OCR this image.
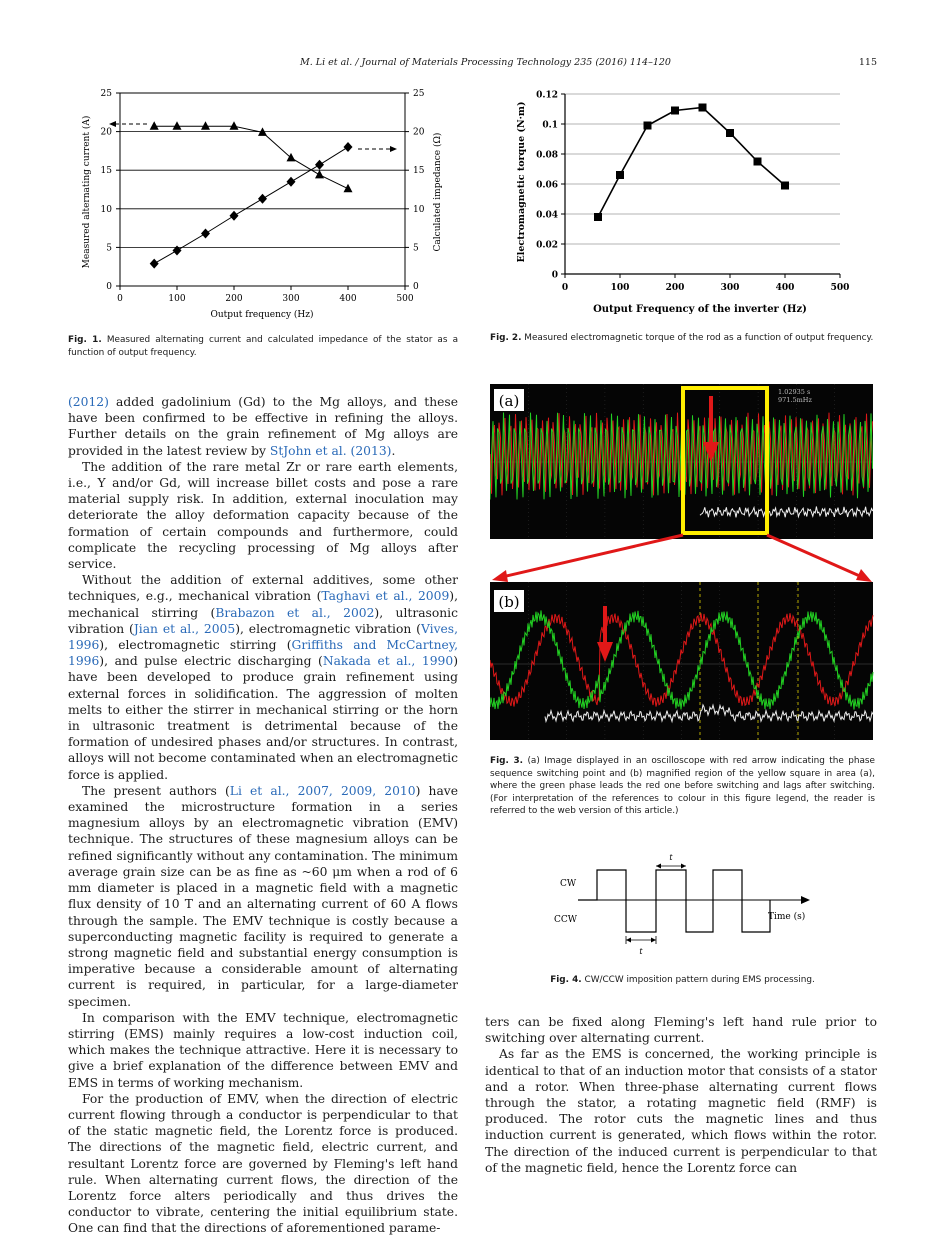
M. Li et al. / Journal of Materials Processing Technology 235 (2016) 114–120	115
0	0
5	5
10	10
15	15
20	20
25	25
0	100	200	300	400	500
Measured alternating current (A)	Calculated impedance (Ω)
Output frequency (Hz)
Fig. 1. Measured alternating current and calculated impedance of the stator as a function of output frequency.
0
0.02
0.04
0.06
0.08
0.1
0.12
0	100	200	300	400	500
Electromagnetic torque (N·m)
Output Frequency of the inverter (Hz)
Fig. 2. Measured electromagnetic torque of the rod as a function of output frequency.
(a)	1.02935 s
971.5mHz
(b)
Fig. 3. (a) Image displayed in an oscilloscope with red arrow indicating the phase sequence switching point and (b) magnified region of the yellow square in area (a), where the green phase leads the red one before switching and lags after switching. (For interpretation of the references to colour in this figure legend, the reader is referred to the web version of this article.)
CW
CCW	Time (s)
t
t
Fig. 4. CW/CCW imposition pattern during EMS processing.

(2012) added gadolinium (Gd) to the Mg alloys, and these have been confirmed to be effective in refining the alloys. Further details on the grain refinement of Mg alloys are provided in the latest review by StJohn et al. (2013).

The addition of the rare metal Zr or rare earth elements, i.e., Y and/or Gd, will increase billet costs and pose a rare material supply risk. In addition, external inoculation may deteriorate the alloy deformation capacity because of the formation of certain compounds and furthermore, could complicate the recycling processing of Mg alloys after service.

Without the addition of external additives, some other techniques, e.g., mechanical vibration (Taghavi et al., 2009), mechanical stirring (Brabazon et al., 2002), ultrasonic vibration (Jian et al., 2005), electromagnetic vibration (Vives, 1996), electromagnetic stirring (Griffiths and McCartney, 1996), and pulse electric discharging (Nakada et al., 1990) have been developed to produce grain refinement using external forces in solidification. The aggression of molten melts to either the stirrer in mechanical stirring or the horn in ultrasonic treatment is detrimental because of the formation of undesired phases and/or structures. In contrast, alloys will not become contaminated when an electromagnetic force is applied.

The present authors (Li et al., 2007, 2009, 2010) have examined the microstructure formation in a series magnesium alloys by an electromagnetic vibration (EMV) technique. The structures of these magnesium alloys can be refined significantly without any contamination. The minimum average grain size can be as fine as ~60 μm when a rod of 6 mm diameter is placed in a magnetic field with a magnetic flux density of 10 T and an alternating current of 60 A flows through the sample. The EMV technique is costly because a superconducting magnetic facility is required to generate a strong magnetic field and substantial energy consumption is imperative because a considerable amount of alternating current is required, in particular, for a large-diameter specimen.

In comparison with the EMV technique, electromagnetic stirring (EMS) mainly requires a low-cost induction coil, which makes the technique attractive. Here it is necessary to give a brief explanation of the difference between EMV and EMS in terms of working mechanism.

For the production of EMV, when the direction of electric current flowing through a conductor is perpendicular to that of the static magnetic field, the Lorentz force is produced. The directions of the magnetic field, electric current, and resultant Lorentz force are governed by Fleming's left hand rule. When alternating current flows, the direction of the Lorentz force alters periodically and thus drives the conductor to vibrate, centering the initial equilibrium state. One can find that the directions of aforementioned parame-

ters can be fixed along Fleming's left hand rule prior to switching over alternating current.

As far as the EMS is concerned, the working principle is identical to that of an induction motor that consists of a stator and a rotor. When three-phase alternating current flows through the stator, a rotating magnetic field (RMF) is produced. The rotor cuts the magnetic lines and thus induction current is generated, which flows within the rotor. The direction of the induced current is perpendicular to that of the magnetic field, hence the Lorentz force can
